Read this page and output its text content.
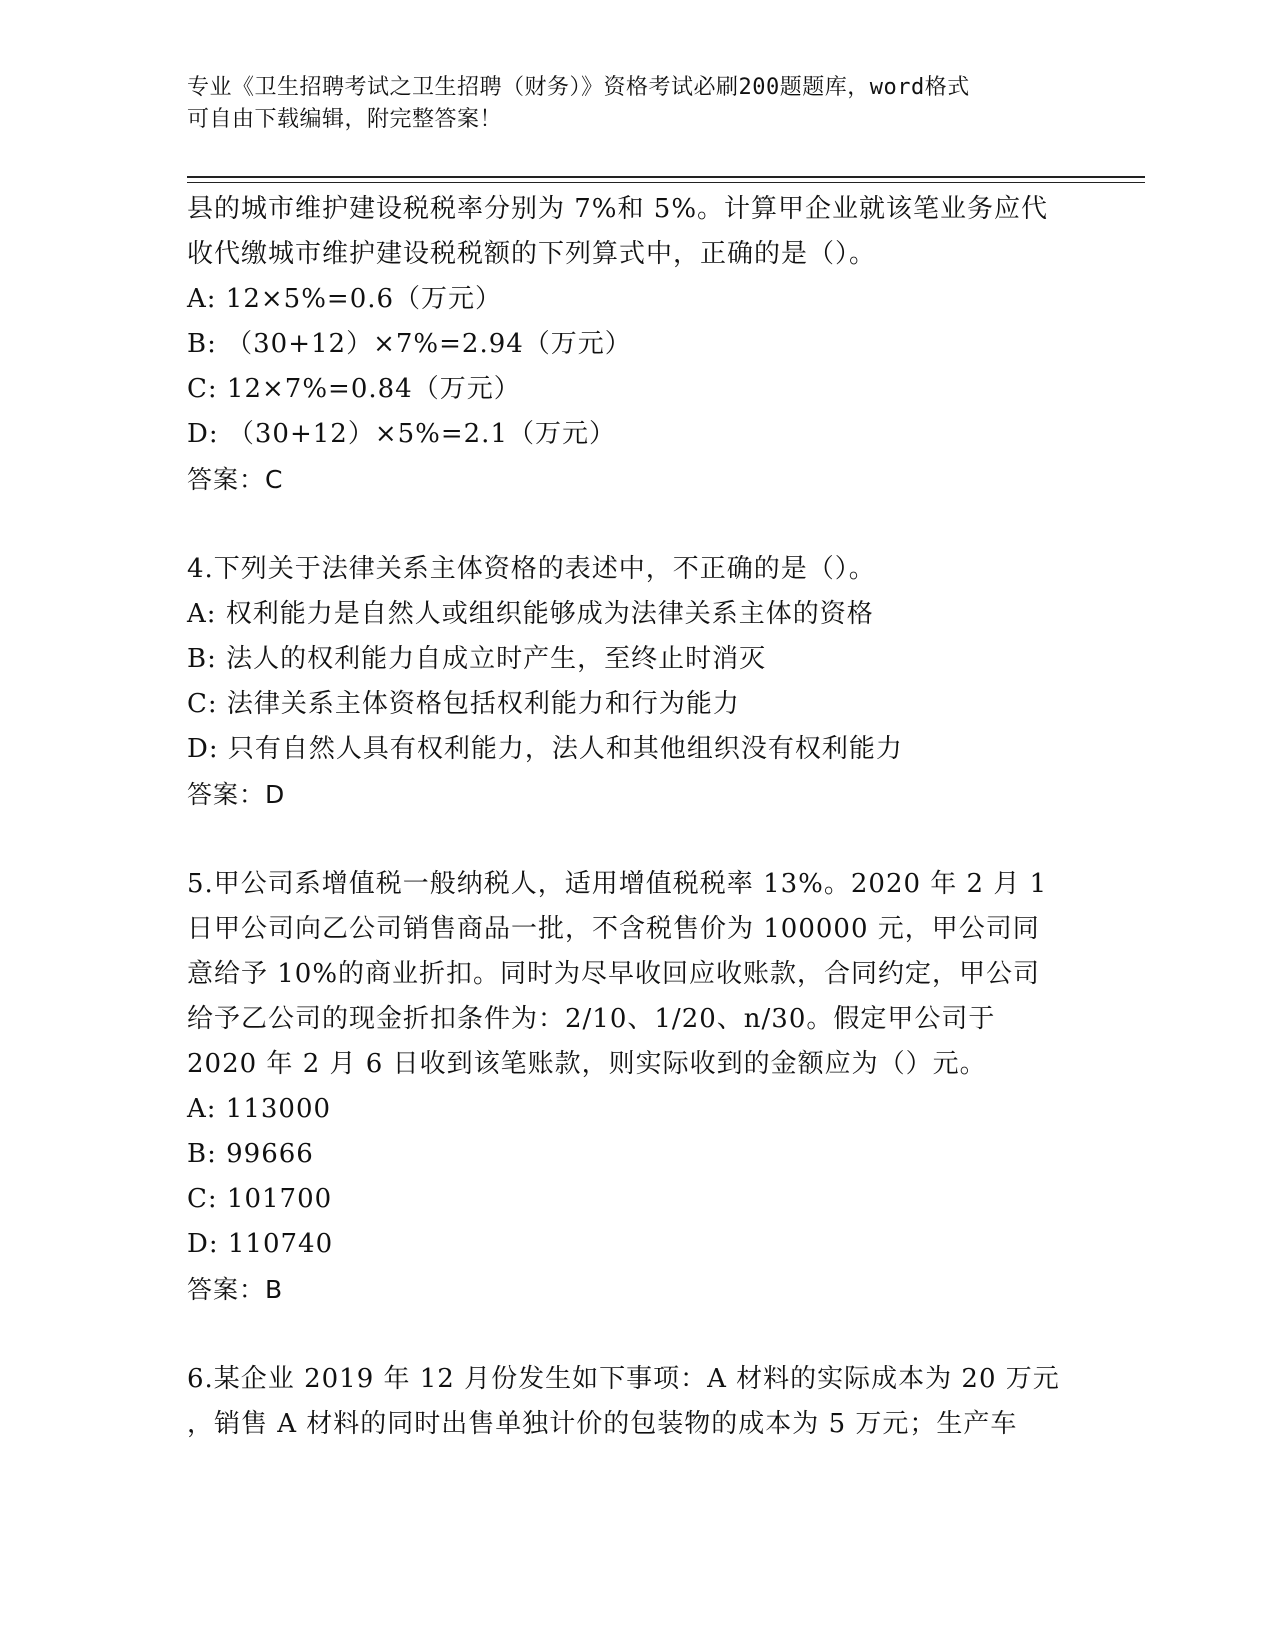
专业《卫生招聘考试之卫生招聘（财务）》资格考试必刷200题题库，word格式
可自由下载编辑，附完整答案！
县的城市维护建设税税率分别为 7%和 5%。计算甲企业就该笔业务应代
收代缴城市维护建设税税额的下列算式中，正确的是（）。
A: 12×5%=0.6（万元）
B: （30+12）×7%=2.94（万元）
C: 12×7%=0.84（万元）
D: （30+12）×5%=2.1（万元）
答案：C
4.下列关于法律关系主体资格的表述中，不正确的是（）。
A: 权利能力是自然人或组织能够成为法律关系主体的资格
B: 法人的权利能力自成立时产生，至终止时消灭
C: 法律关系主体资格包括权利能力和行为能力
D: 只有自然人具有权利能力，法人和其他组织没有权利能力
答案：D
5.甲公司系增值税一般纳税人，适用增值税税率 13%。2020 年 2 月 1
日甲公司向乙公司销售商品一批，不含税售价为 100000 元，甲公司同
意给予 10%的商业折扣。同时为尽早收回应收账款，合同约定，甲公司
给予乙公司的现金折扣条件为：2/10、1/20、n/30。假定甲公司于
2020 年 2 月 6 日收到该笔账款，则实际收到的金额应为（）元。
A: 113000
B: 99666
C: 101700
D: 110740
答案：B
6.某企业 2019 年 12 月份发生如下事项：A 材料的实际成本为 20 万元
，销售 A 材料的同时出售单独计价的包装物的成本为 5 万元；生产车
